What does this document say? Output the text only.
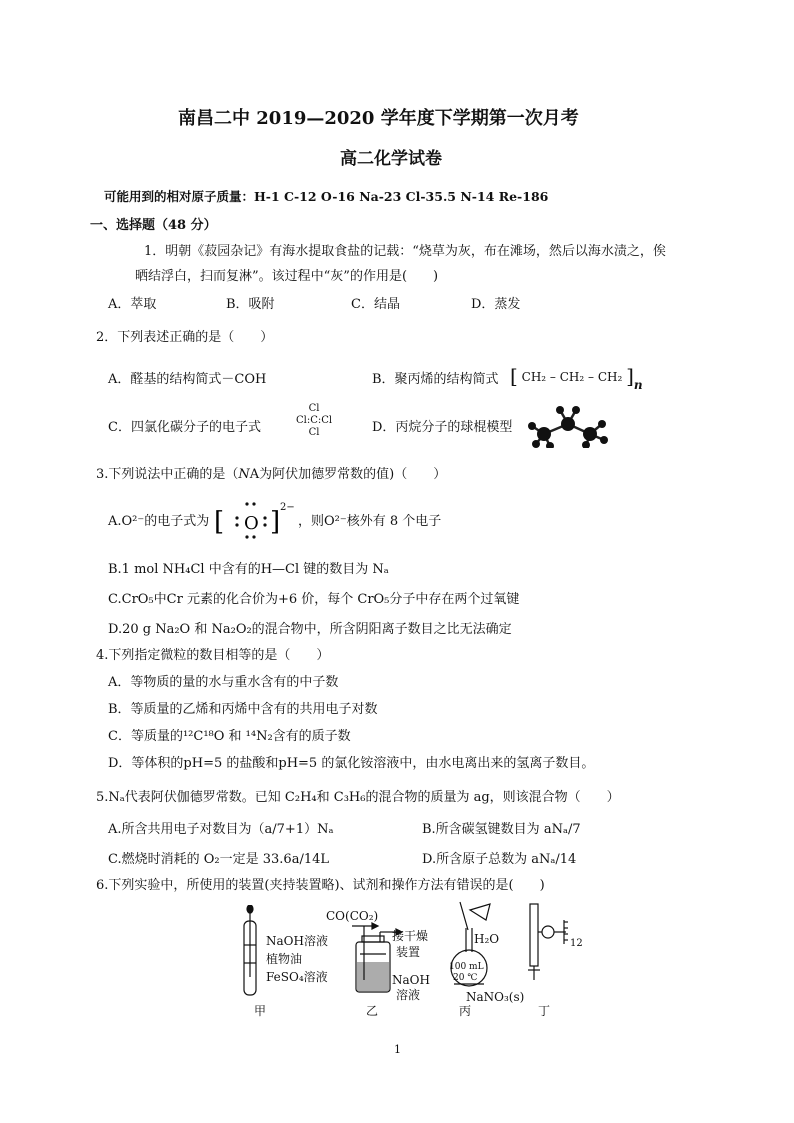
南昌二中 2019—2020 学年度下学期第一次月考
高二化学试卷
可能用到的相对原子质量：H-1 C-12 O-16 Na-23 Cl-35.5 N-14 Re-186
一、选择题（48 分）
1．明朝《菽园杂记》有海水提取食盐的记载：“烧草为灰，布在滩场，然后以海水渍之，俟
晒结浮白，扫而复淋”。该过程中“灰”的作用是(　　)
A．萃取	B．吸附	C．结晶	D．蒸发
2．下列表述正确的是（　　）
A．醛基的结构简式－COH	B．聚丙烯的结构简式 [ CH₂ – CH₂ – CH₂ ]n
C．四氯化碳分子的电子式
Cl
Cl:C:Cl
Cl	D．丙烷分子的球棍模型
3.下列说法中正确的是（NA为阿伏加德罗常数的值)（　　）
A.O²⁻的电子式为 [ O ] 2−
，则O²⁻核外有 8 个电子
B.1 mol NH₄Cl 中含有的H—Cl 键的数目为 Nₐ
C.CrO₅中Cr 元素的化合价为+6 价，每个 CrO₅分子中存在两个过氧键
D.20 g Na₂O 和 Na₂O₂的混合物中，所含阴阳离子数目之比无法确定
4.下列指定微粒的数目相等的是（　　）
A．等物质的量的水与重水含有的中子数
B．等质量的乙烯和丙烯中含有的共用电子对数
C．等质量的¹²C¹⁸O 和 ¹⁴N₂含有的质子数
D．等体积的pH=5 的盐酸和pH=5 的氯化铵溶液中，由水电离出来的氢离子数目。
5.Nₐ代表阿伏伽德罗常数。已知 C₂H₄和 C₃H₆的混合物的质量为 ag，则该混合物（　　）
A.所含共用电子对数目为（a/7+1）Nₐ	B.所含碳氢键数目为 aNₐ/7
C.燃烧时消耗的 O₂一定是 33.6a/14L	D.所含原子总数为 aNₐ/14
6.下列实验中，所使用的装置(夹持装置略)、试剂和操作方法有错误的是(　　)
NaOH溶液
植物油
FeSO₄溶液
甲
CO(CO₂)
接干燥
装置
NaOH
溶液
乙
H₂O
100 mL
20 ℃
NaNO₃(s)
丙
12
丁
1
